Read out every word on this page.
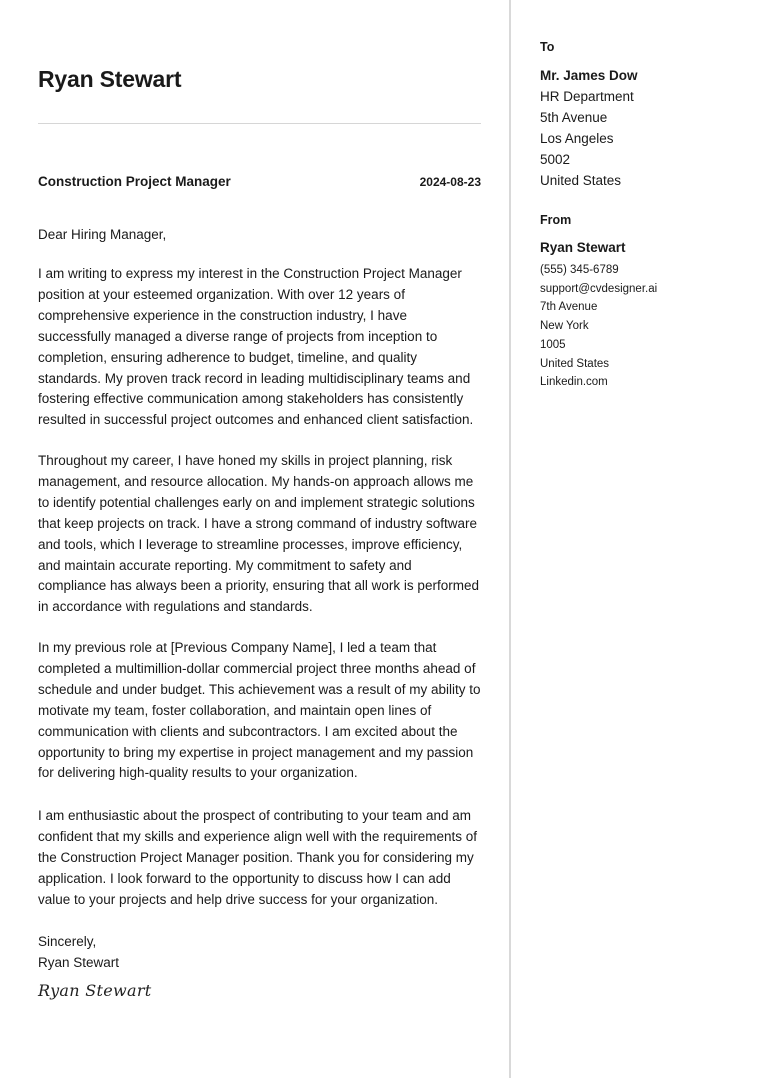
Ryan Stewart
Construction Project Manager	2024-08-23
Dear Hiring Manager,

I am writing to express my interest in the Construction Project Manager position at your esteemed organization. With over 12 years of comprehensive experience in the construction industry, I have successfully managed a diverse range of projects from inception to completion, ensuring adherence to budget, timeline, and quality standards. My proven track record in leading multidisciplinary teams and fostering effective communication among stakeholders has consistently resulted in successful project outcomes and enhanced client satisfaction.

Throughout my career, I have honed my skills in project planning, risk management, and resource allocation. My hands-on approach allows me to identify potential challenges early on and implement strategic solutions that keep projects on track. I have a strong command of industry software and tools, which I leverage to streamline processes, improve efficiency, and maintain accurate reporting. My commitment to safety and compliance has always been a priority, ensuring that all work is performed in accordance with regulations and standards.

In my previous role at [Previous Company Name], I led a team that completed a multimillion-dollar commercial project three months ahead of schedule and under budget. This achievement was a result of my ability to motivate my team, foster collaboration, and maintain open lines of communication with clients and subcontractors. I am excited about the opportunity to bring my expertise in project management and my passion for delivering high-quality results to your organization.

I am enthusiastic about the prospect of contributing to your team and am confident that my skills and experience align well with the requirements of the Construction Project Manager position. Thank you for considering my application. I look forward to the opportunity to discuss how I can add value to your projects and help drive success for your organization.

Sincerely,
Ryan Stewart
Ryan Stewart
To
Mr. James Dow
HR Department
5th Avenue
Los Angeles
5002
United States
From
Ryan Stewart
(555) 345-6789
support@cvdesigner.ai
7th Avenue
New York
1005
United States
Linkedin.com
